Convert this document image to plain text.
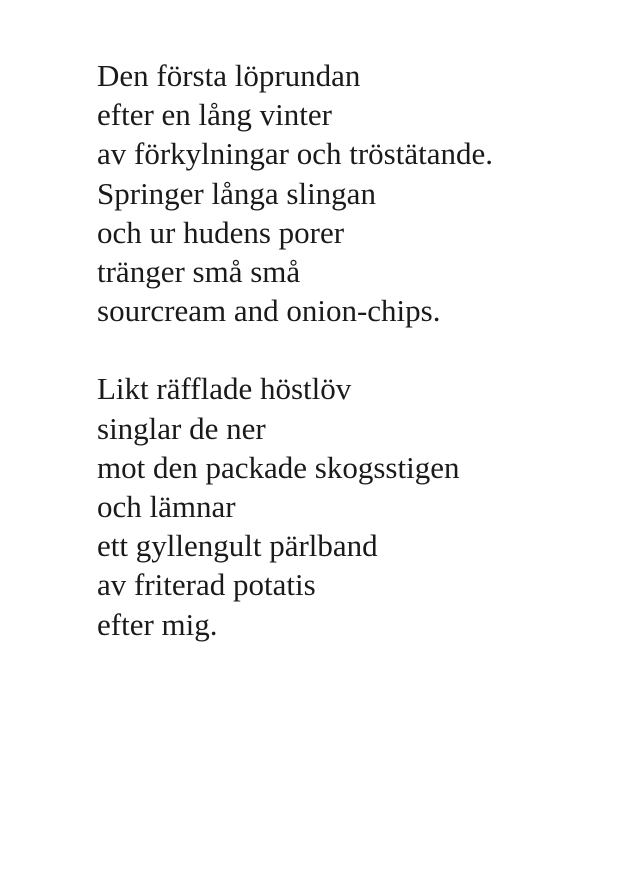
Den första löprundan
efter en lång vinter
av förkylningar och tröstätande.
Springer långa slingan
och ur hudens porer
tränger små små
sourcream and onion-chips.
Likt räfflade höstlöv
singlar de ner
mot den packade skogsstigen
och lämnar
ett gyllengult pärlband
av friterad potatis
efter mig.
